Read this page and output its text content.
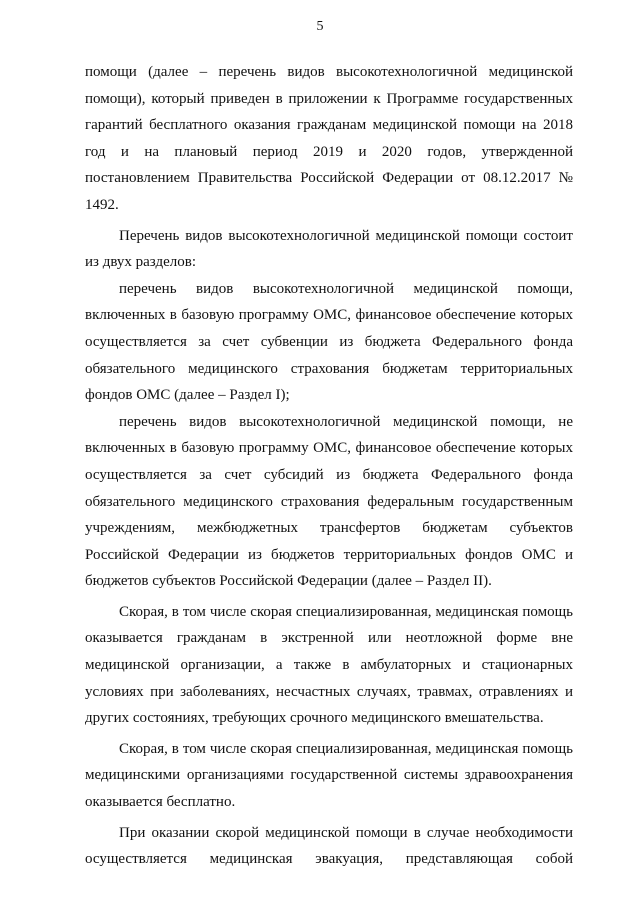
5

помощи (далее – перечень видов высокотехнологичной медицинской помощи), который приведен в приложении к Программе государственных гарантий бесплатного оказания гражданам медицинской помощи на 2018 год и на плановый период 2019 и 2020 годов, утвержденной постановлением Правительства Российской Федерации от 08.12.2017 № 1492.

Перечень видов высокотехнологичной медицинской помощи состоит из двух разделов:

перечень видов высокотехнологичной медицинской помощи, включенных в базовую программу ОМС, финансовое обеспечение которых осуществляется за счет субвенции из бюджета Федерального фонда обязательного медицинского страхования бюджетам территориальных фондов ОМС (далее – Раздел I);

перечень видов высокотехнологичной медицинской помощи, не включенных в базовую программу ОМС, финансовое обеспечение которых осуществляется за счет субсидий из бюджета Федерального фонда обязательного медицинского страхования федеральным государственным учреждениям, межбюджетных трансфертов бюджетам субъектов Российской Федерации из бюджетов территориальных фондов ОМС и бюджетов субъектов Российской Федерации (далее – Раздел II).

Скорая, в том числе скорая специализированная, медицинская помощь оказывается гражданам в экстренной или неотложной форме вне медицинской организации, а также в амбулаторных и стационарных условиях при заболеваниях, несчастных случаях, травмах, отравлениях и других состояниях, требующих срочного медицинского вмешательства.

Скорая, в том числе скорая специализированная, медицинская помощь медицинскими организациями государственной системы здравоохранения оказывается бесплатно.

При оказании скорой медицинской помощи в случае необходимости осуществляется медицинская эвакуация, представляющая собой
